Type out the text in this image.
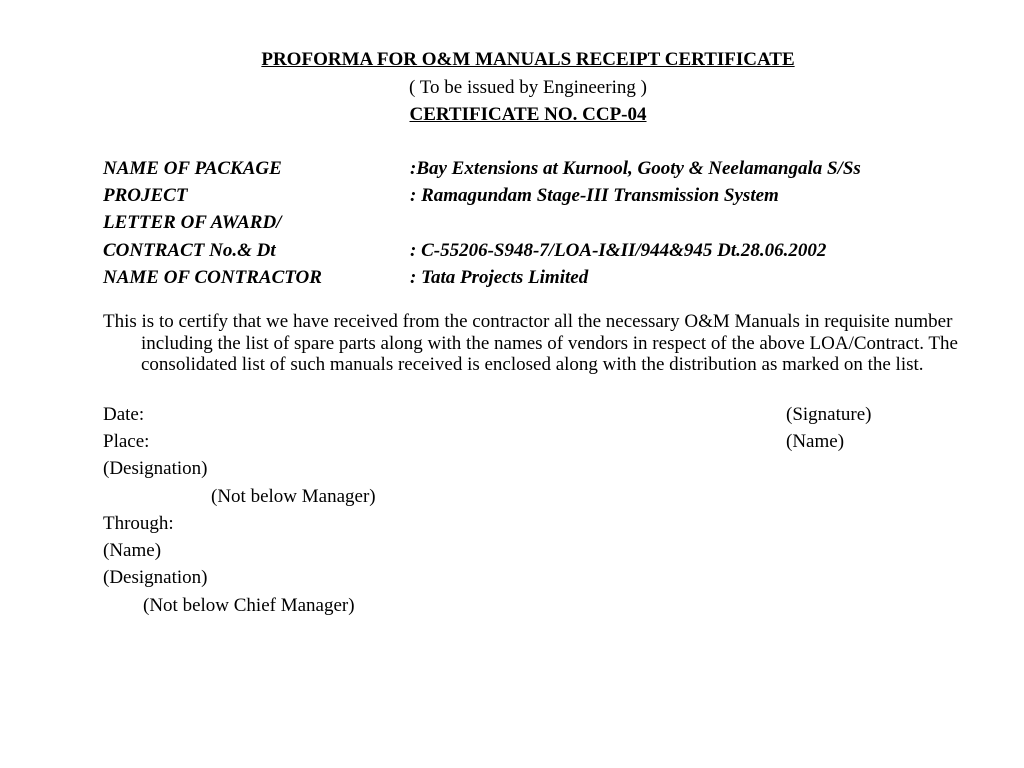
PROFORMA FOR O&M MANUALS RECEIPT CERTIFICATE
( To be issued by Engineering )
CERTIFICATE NO. CCP-04
NAME OF PACKAGE	:Bay Extensions at Kurnool, Gooty & Neelamangala S/Ss
PROJECT	: Ramagundam Stage-III Transmission System
LETTER OF AWARD/
CONTRACT No.& Dt	: C-55206-S948-7/LOA-I&II/944&945 Dt.28.06.2002
NAME OF CONTRACTOR	: Tata Projects Limited
This is to certify that we have received from the contractor all the necessary O&M Manuals in requisite number including the list of spare parts along with the names of vendors in respect of the above LOA/Contract. The consolidated list of such manuals received is enclosed along with the distribution as marked on the list.
Date:	(Signature)
Place:	(Name)
(Designation)
(Not below Manager)
Through:
(Name)
(Designation)
(Not below Chief Manager)
